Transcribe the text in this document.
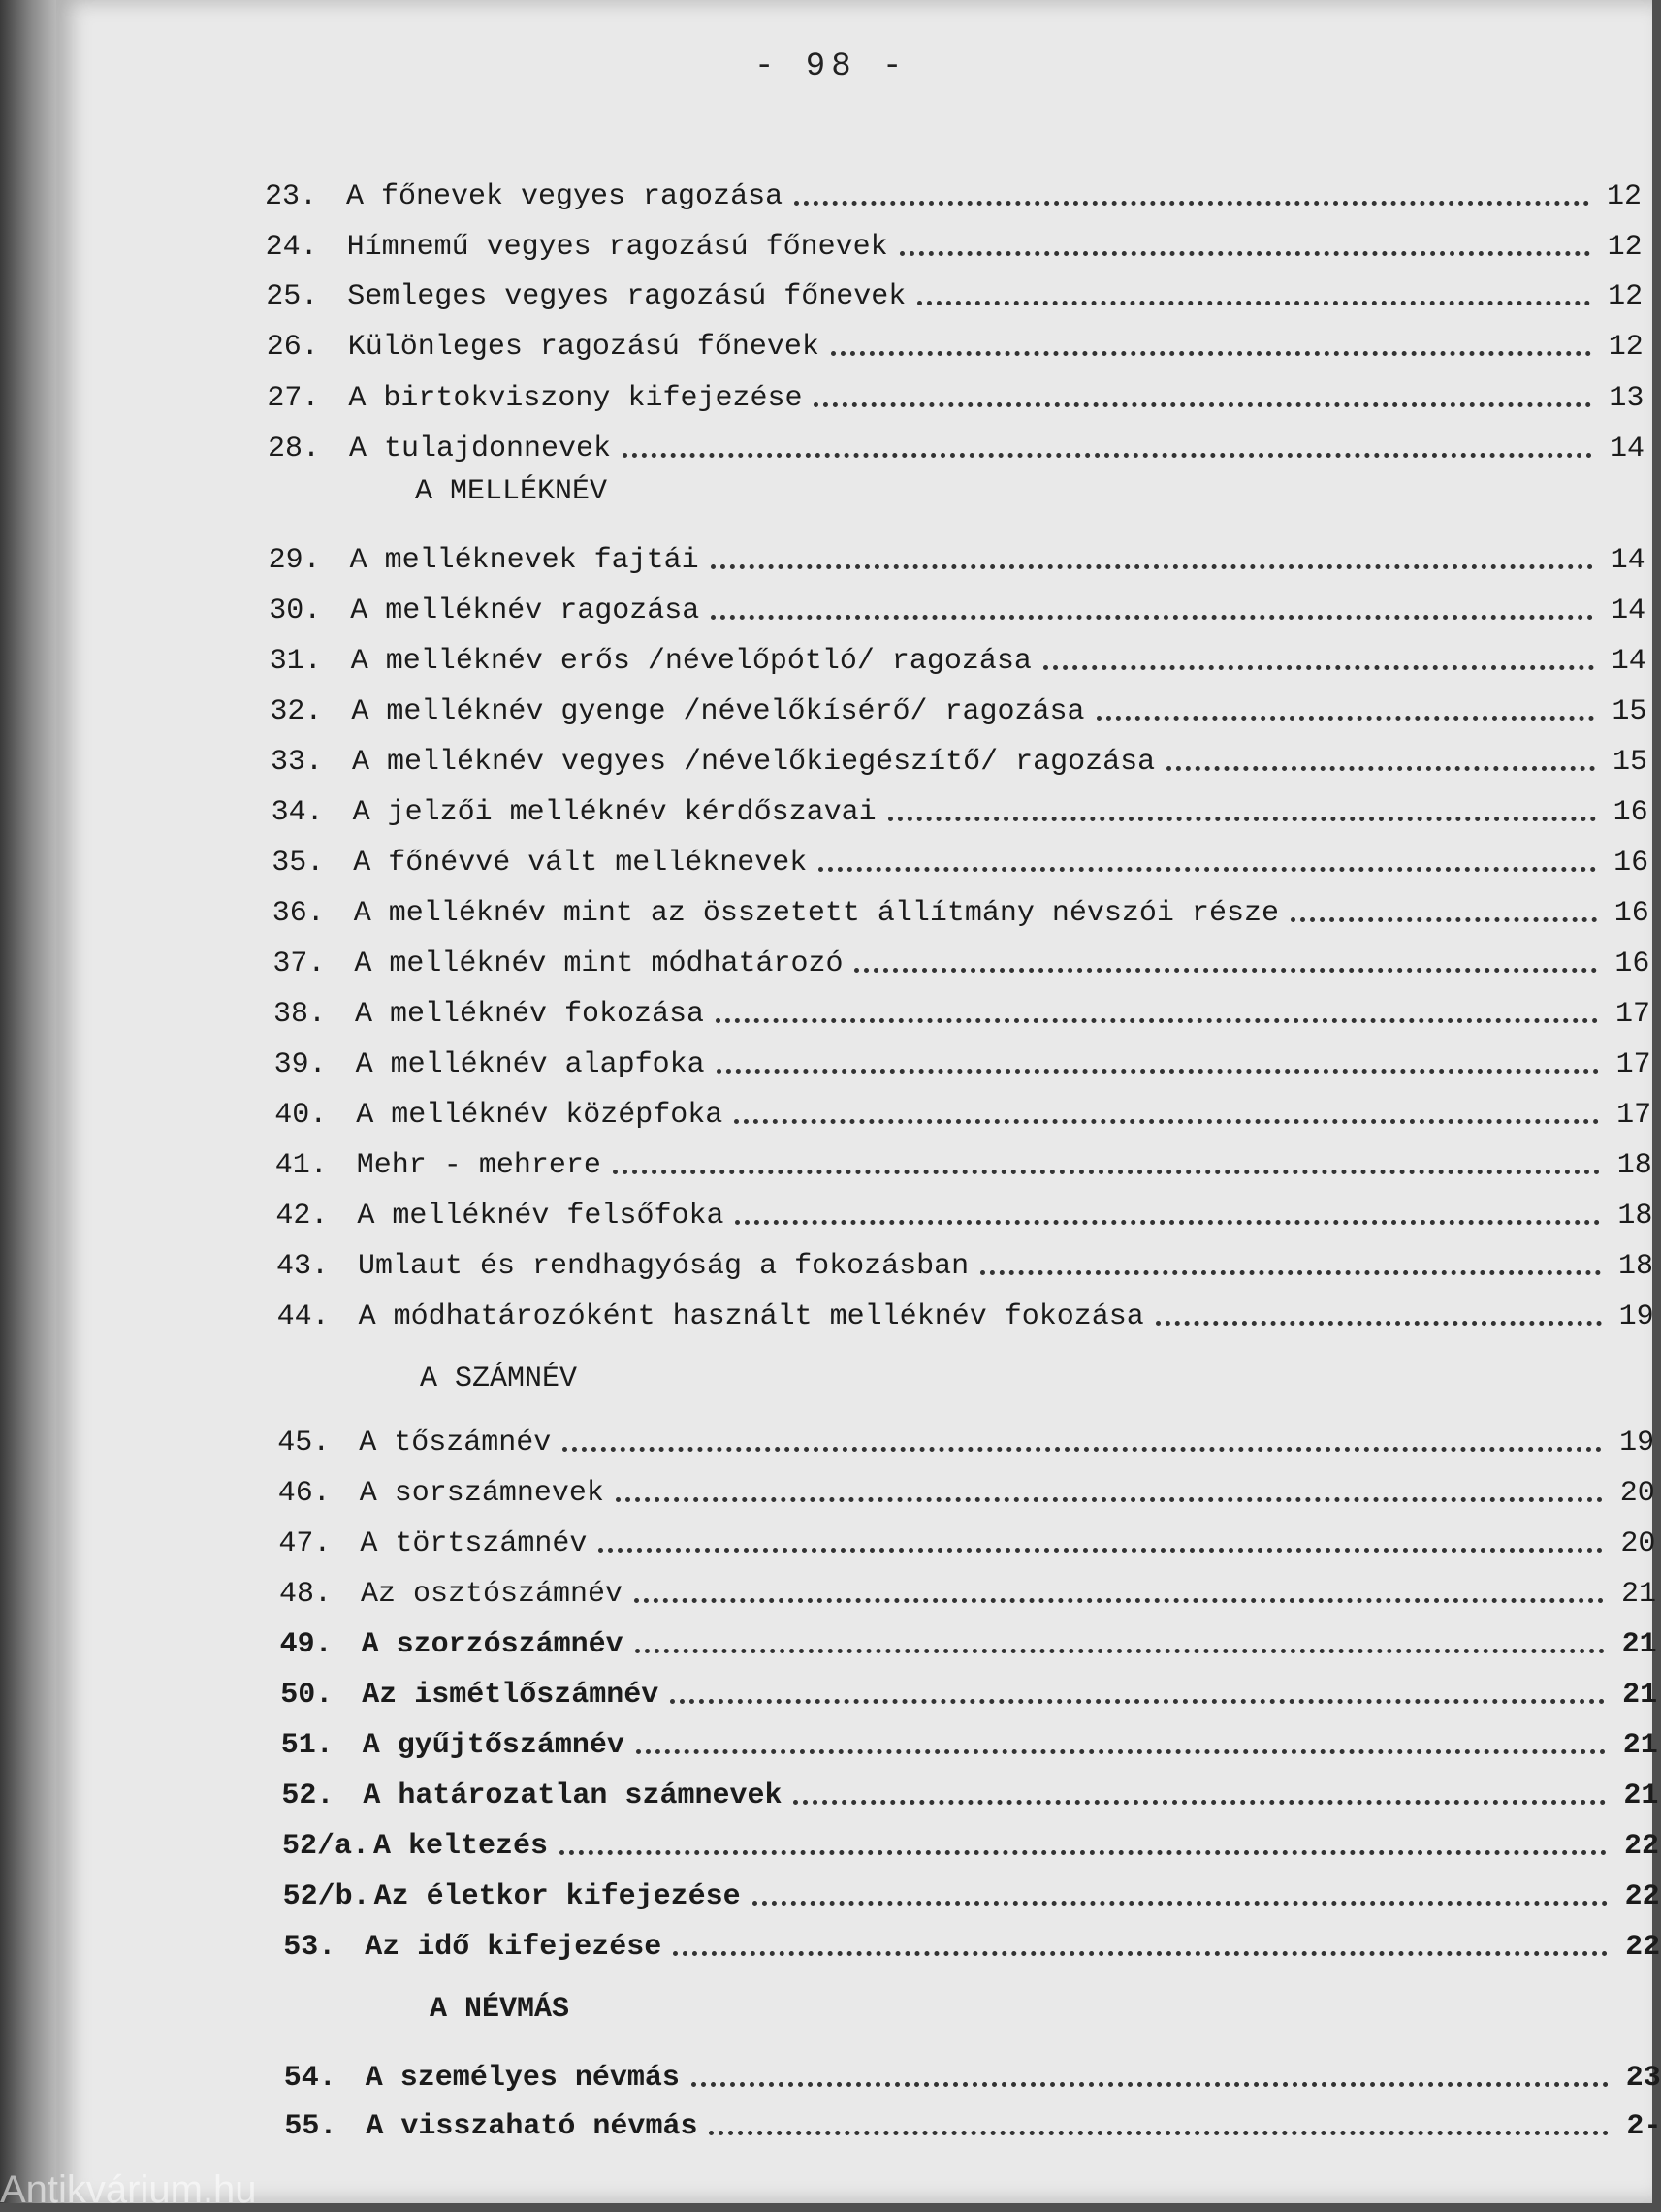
- 98 -
A MELLÉKNÉV
A SZÁMNÉV
A NÉVMÁS
23. A főnevek vegyes ragozása	12
24. Hímnemű vegyes ragozású főnevek	12
25. Semleges vegyes ragozású főnevek	12
26. Különleges ragozású főnevek	12
27. A birtokviszony kifejezése	13
28. A tulajdonnevek	14
29. A melléknevek fajtái	14
30. A melléknév ragozása	14
31. A melléknév erős /névelőpótló/ ragozása	14
32. A melléknév gyenge /névelőkísérő/ ragozása	15
33. A melléknév vegyes /névelőkiegészítő/ ragozása	15
34. A jelzői melléknév kérdőszavai	16
35. A főnévvé vált melléknevek	16
36. A melléknév mint az összetett állítmány névszói része	16
37. A melléknév mint módhatározó	16
38. A melléknév fokozása	17
39. A melléknév alapfoka	17
40. A melléknév középfoka	17
41. Mehr - mehrere	18
42. A melléknév felsőfoka	18
43. Umlaut és rendhagyóság a fokozásban	18
44. A módhatározóként használt melléknév fokozása	19
45. A tőszámnév	19
46. A sorszámnevek	20
47. A törtszámnév	20
48. Az osztószámnév	21
49. A szorzószámnév	21
50. Az ismétlőszámnév	21
51. A gyűjtőszámnév	21
52. A határozatlan számnevek	21
52/a. A keltezés	22
52/b. Az életkor kifejezése	22
53. Az idő kifejezése	22
54. A személyes névmás	23
55. A visszaható névmás	2-
Antikvárium.hu
